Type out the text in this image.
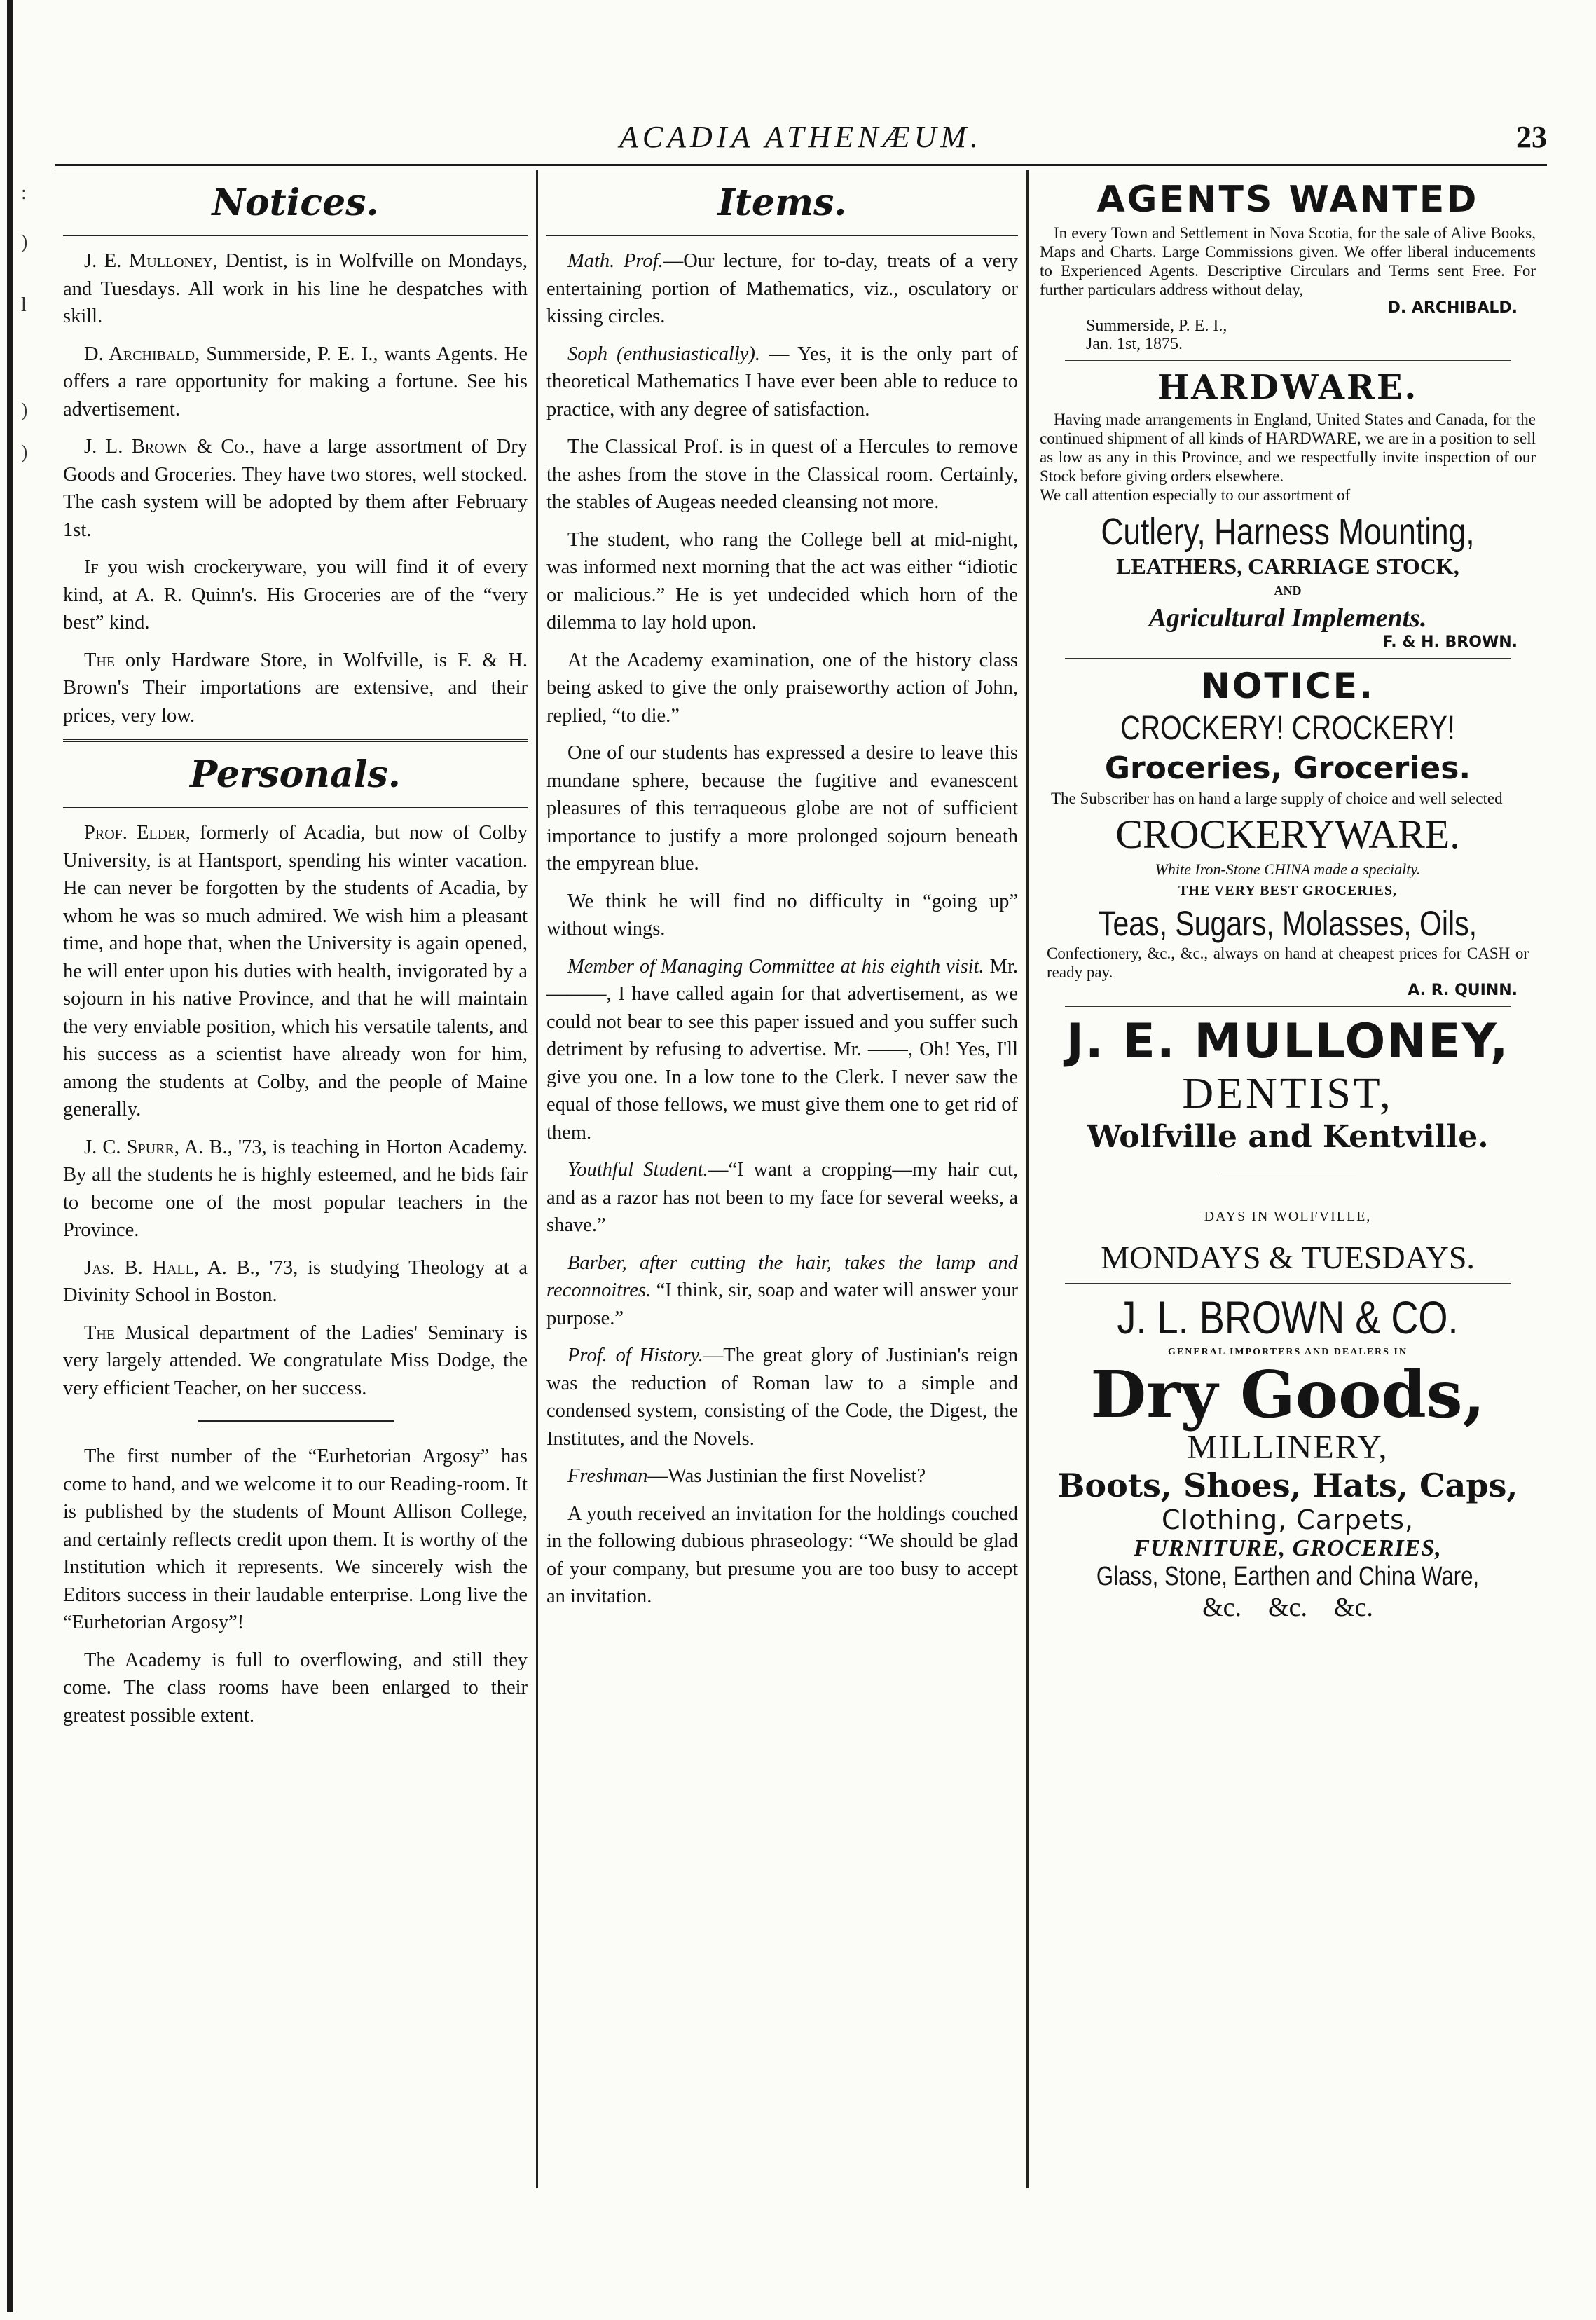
:
)
l
)
)
ACADIA ATHENÆUM.	23
Notices.

J. E. Mulloney, Dentist, is in Wolfville on Mondays, and Tuesdays. All work in his line he despatches with skill.

D. Archibald, Summerside, P. E. I., wants Agents. He offers a rare opportunity for making a fortune. See his advertisement.

J. L. Brown & Co., have a large assortment of Dry Goods and Groceries. They have two stores, well stocked. The cash system will be adopted by them after February 1st.

If you wish crockeryware, you will find it of every kind, at A. R. Quinn's. His Groceries are of the “very best” kind.

The only Hardware Store, in Wolfville, is F. & H. Brown's Their importations are extensive, and their prices, very low.

Personals.

Prof. Elder, formerly of Acadia, but now of Colby University, is at Hantsport, spending his winter vacation. He can never be forgotten by the students of Acadia, by whom he was so much admired. We wish him a pleasant time, and hope that, when the University is again opened, he will enter upon his duties with health, invigorated by a sojourn in his native Province, and that he will maintain the very enviable position, which his versatile talents, and his success as a scientist have already won for him, among the students at Colby, and the people of Maine generally.

J. C. Spurr, A. B., '73, is teaching in Horton Academy. By all the students he is highly esteemed, and he bids fair to become one of the most popular teachers in the Province.

Jas. B. Hall, A. B., '73, is studying Theology at a Divinity School in Boston.

The Musical department of the Ladies' Seminary is very largely attended. We congratulate Miss Dodge, the very efficient Teacher, on her success.

The first number of the “Eurhetorian Argosy” has come to hand, and we welcome it to our Reading-room. It is published by the students of Mount Allison College, and certainly reflects credit upon them. It is worthy of the Institution which it represents. We sincerely wish the Editors success in their laudable enterprise. Long live the “Eurhetorian Argosy”!

The Academy is full to overflowing, and still they come. The class rooms have been enlarged to their greatest possible extent.

Items.

Math. Prof.—Our lecture, for to-day, treats of a very entertaining portion of Mathematics, viz., osculatory or kissing circles.

Soph (enthusiastically). — Yes, it is the only part of theoretical Mathematics I have ever been able to reduce to practice, with any degree of satisfaction.

The Classical Prof. is in quest of a Hercules to remove the ashes from the stove in the Classical room. Certainly, the stables of Augeas needed cleansing not more.

The student, who rang the College bell at mid-night, was informed next morning that the act was either “idiotic or malicious.” He is yet undecided which horn of the dilemma to lay hold upon.

At the Academy examination, one of the history class being asked to give the only praiseworthy action of John, replied, “to die.”

One of our students has expressed a desire to leave this mundane sphere, because the fugitive and evanescent pleasures of this terraqueous globe are not of sufficient importance to justify a more prolonged sojourn beneath the empyrean blue.

We think he will find no difficulty in “going up” without wings.

Member of Managing Committee at his eighth visit. Mr. ———, I have called again for that advertisement, as we could not bear to see this paper issued and you suffer such detriment by refusing to advertise. Mr. ——, Oh! Yes, I'll give you one. In a low tone to the Clerk. I never saw the equal of those fellows, we must give them one to get rid of them.

Youthful Student.—“I want a cropping—my hair cut, and as a razor has not been to my face for several weeks, a shave.”

Barber, after cutting the hair, takes the lamp and reconnoitres. “I think, sir, soap and water will answer your purpose.”

Prof. of History.—The great glory of Justinian's reign was the reduction of Roman law to a simple and condensed system, consisting of the Code, the Digest, the Institutes, and the Novels.

Freshman—Was Justinian the first Novelist?

A youth received an invitation for the holdings couched in the following dubious phraseology: “We should be glad of your company, but presume you are too busy to accept an invitation.

AGENTS WANTED
In every Town and Settlement in Nova Scotia, for the sale of Alive Books, Maps and Charts. Large Commissions given. We offer liberal inducements to Experienced Agents. Descriptive Circulars and Terms sent Free. For further particulars address without delay,
D. ARCHIBALD.
Summerside, P. E. I.,
Jan. 1st, 1875.
HARDWARE.
Having made arrangements in England, United States and Canada, for the continued shipment of all kinds of HARDWARE, we are in a position to sell as low as any in this Province, and we respectfully invite inspection of our Stock before giving orders elsewhere.
We call attention especially to our assortment of
Cutlery, Harness Mounting,
LEATHERS, CARRIAGE STOCK,
AND
Agricultural Implements.
F. & H. BROWN.
NOTICE.
CROCKERY! CROCKERY!
Groceries, Groceries.
The Subscriber has on hand a large supply of choice and well selected
CROCKERYWARE.
White Iron-Stone CHINA made a specialty.
THE VERY BEST GROCERIES,
Teas, Sugars, Molasses, Oils,
Confectionery, &c., &c., always on hand at cheapest prices for CASH or ready pay.
A. R. QUINN.
J. E. MULLONEY,
DENTIST,
Wolfville and Kentville.
DAYS IN WOLFVILLE,
MONDAYS & TUESDAYS.
J. L. BROWN & CO.
GENERAL IMPORTERS AND DEALERS IN
Dry Goods,
MILLINERY,
Boots, Shoes, Hats, Caps,
Clothing, Carpets,
FURNITURE, GROCERIES,
Glass, Stone, Earthen and China Ware,
&c.    &c.    &c.
